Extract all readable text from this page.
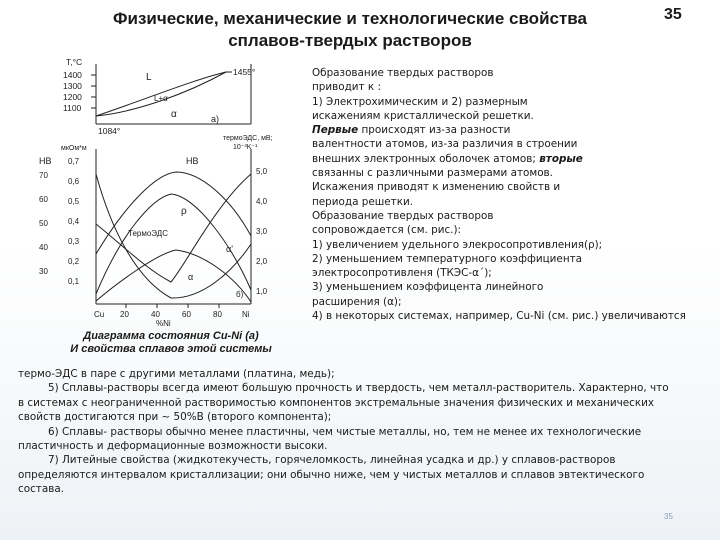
Физические, механические и технологические свойства
сплавов-твердых растворов
35
T,°C
1400
1300
1200
1100
1455°
1084°
L
L+α
α	а)
мкОм*м
НВ
70
60
50
40
30
0,7
0,6
0,5
0,4
0,3
0,2
0,1
термоЭДС, мВ;
10⁻³K⁻¹
5,0
4,0
3,0
2,0
1,0
НВ
ρ
ТермоЭДС
α'
α
б)
Cu 20	40	60	80	Ni
%Ni
Диаграмма состояния Cu-Ni (а)
И свойства сплавов этой системы

Образование твердых растворов

приводит к :

1) Электрохимическим и 2) размерным

искажениям кристаллической решетки.

Первые происходят из-за разности

валентности атомов, из-за различия в строении

внешних электронных оболочек атомов; вторые

связанны с различными размерами атомов.

Искажения приводят к изменению свойств и

периода решетки.

Образование твердых растворов

сопровождается (см. рис.):

1) увеличением удельного элекросопротивления(ρ);

2) уменьшением температурного коэффициента

электросопротивленя (ТКЭС-α΄);

3) уменьшением коэффицента линейного

расширения (α);

4) в некоторых системах, например, Cu-Ni (см. рис.) увеличиваются

термо-ЭДС в паре с другими металлами (платина, медь);

5) Сплавы-растворы всегда имеют большую прочность и твердость, чем металл-растворитель. Характерно, что

в системах с неограниченной растворимостью компонентов экстремальные значения физических и механических

свойств достигаются при ~ 50%В (второго компонента);

6) Сплавы- растворы обычно менее пластичны, чем чистые металлы, но, тем не менее их технологические

пластичность и деформационные возможности высоки.

7) Литейные свойства (жидкотекучесть, горячеломкость, линейная усадка и др.) у сплавов-растворов

определяются интервалом кристаллизации; они обычно ниже, чем у чистых металлов и сплавов эвтектического

состава.

35
